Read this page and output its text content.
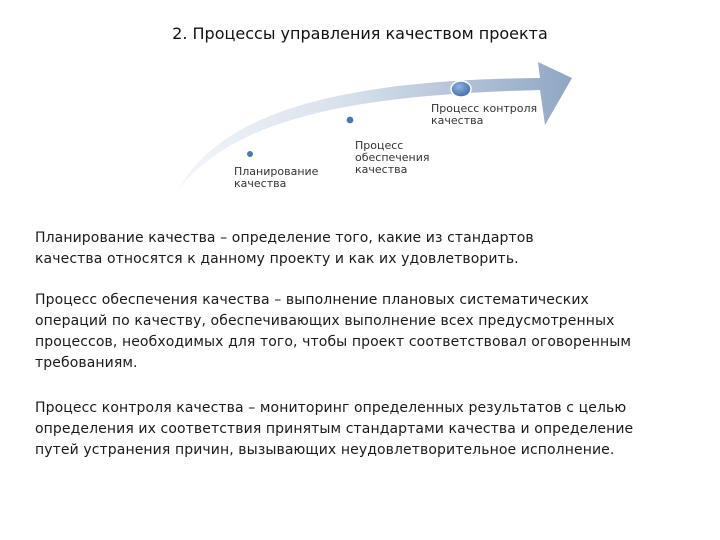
2. Процессы управления качеством проекта
Планирование качества
Процесс обеспечения качества
Процесс контроля качества
Планирование качества – определение того, какие из стандартов качества относятся к данному проекту и как их удовлетворить.
Процесс обеспечения качества – выполнение плановых систематических операций по качеству, обеспечивающих выполнение всех предусмотренных процессов, необходимых для того, чтобы проект соответствовал оговоренным требованиям.
Процесс контроля качества – мониторинг определенных результатов с целью определения их соответствия принятым стандартами качества и определение путей устранения причин, вызывающих неудовлетворительное исполнение.
